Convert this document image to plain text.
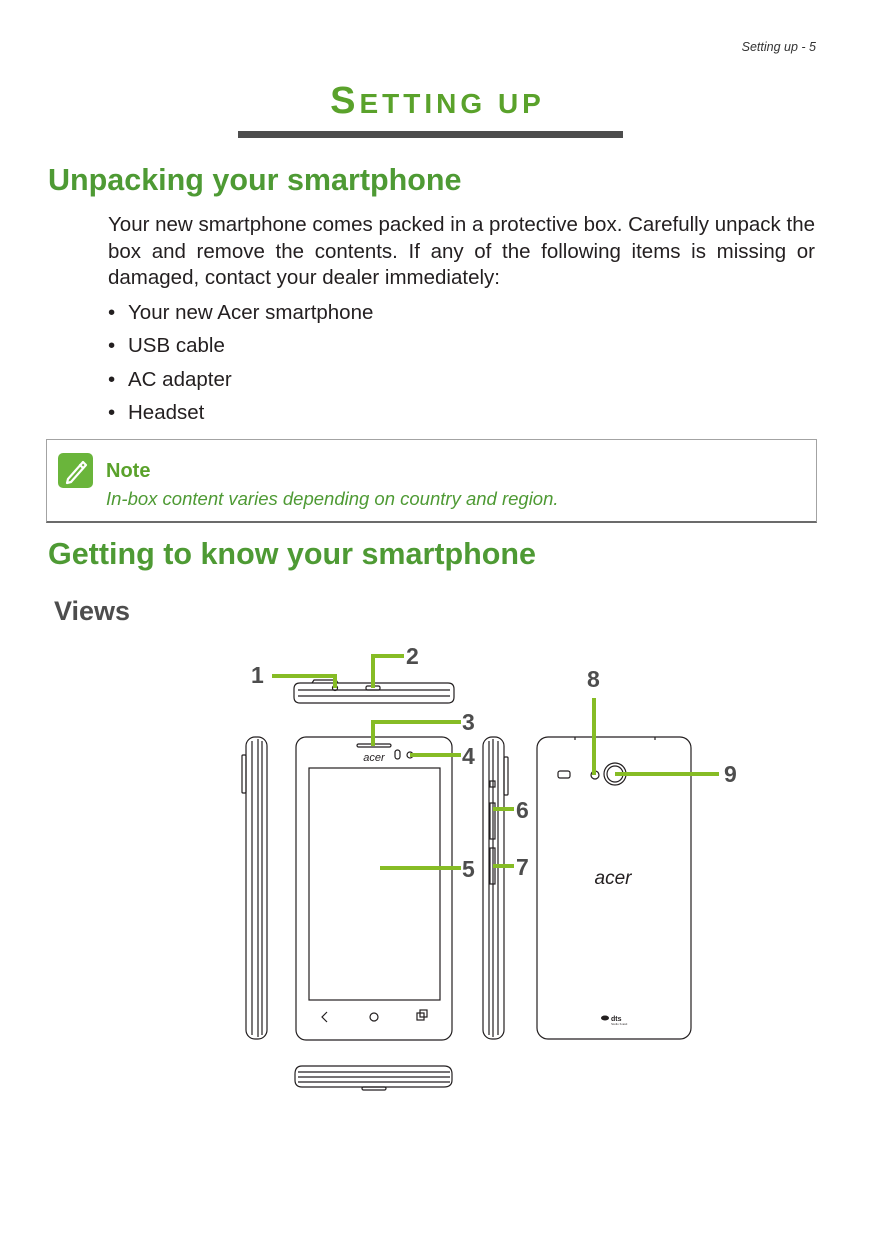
Setting up - 5
SETTING UP
Unpacking your smartphone
Your new smartphone comes packed in a protective box. Carefully unpack the box and remove the contents. If any of the following items is missing or damaged, contact your dealer immediately:
• Your new Acer smartphone
• USB cable
• AC adapter
• Headset
Note
In-box content varies depending on country and region.
Getting to know your smartphone
Views
acer
acer
dts
Studio Sound
1
2
3
4
5
6
7
8
9
